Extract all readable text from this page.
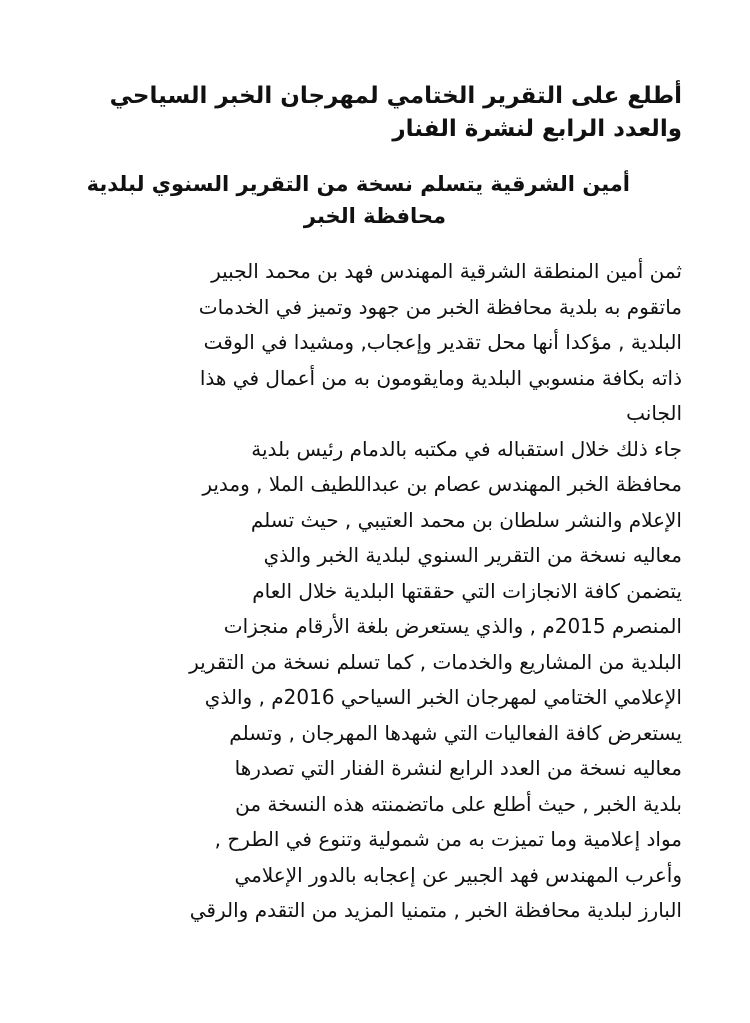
أطلع على التقرير الختامي لمهرجان الخبر السياحي
والعدد الرابع لنشرة الفنار
أمين الشرقية يتسلم نسخة من التقرير السنوي لبلدية
محافظة الخبر
ثمن أمين المنطقة الشرقية المهندس فهد بن محمد الجبير
ماتقوم به بلدية محافظة الخبر من جهود وتميز في الخدمات
البلدية , مؤكدا أنها محل تقدير وإعجاب, ومشيدا في الوقت
ذاته بكافة منسوبي البلدية ومايقومون به من أعمال في هذا
الجانب
جاء ذلك خلال استقباله في مكتبه بالدمام رئيس بلدية
محافظة الخبر المهندس عصام بن عبداللطيف الملا , ومدير
الإعلام والنشر سلطان بن محمد العتيبي , حيث تسلم
معاليه نسخة من التقرير السنوي لبلدية الخبر والذي
يتضمن كافة الانجازات التي حققتها البلدية خلال العام
المنصرم 2015م , والذي يستعرض بلغة الأرقام منجزات
البلدية من المشاريع والخدمات , كما تسلم نسخة من التقرير
الإعلامي الختامي لمهرجان الخبر السياحي 2016م , والذي
يستعرض كافة الفعاليات التي شهدها المهرجان , وتسلم
معاليه نسخة من العدد الرابع لنشرة الفنار التي تصدرها
بلدية الخبر , حيث أطلع على ماتضمنته هذه النسخة من
مواد إعلامية وما تميزت به من شمولية وتنوع في الطرح ,
وأعرب المهندس فهد الجبير عن إعجابه بالدور الإعلامي
البارز لبلدية محافظة الخبر , متمنيا المزيد من التقدم والرقي
